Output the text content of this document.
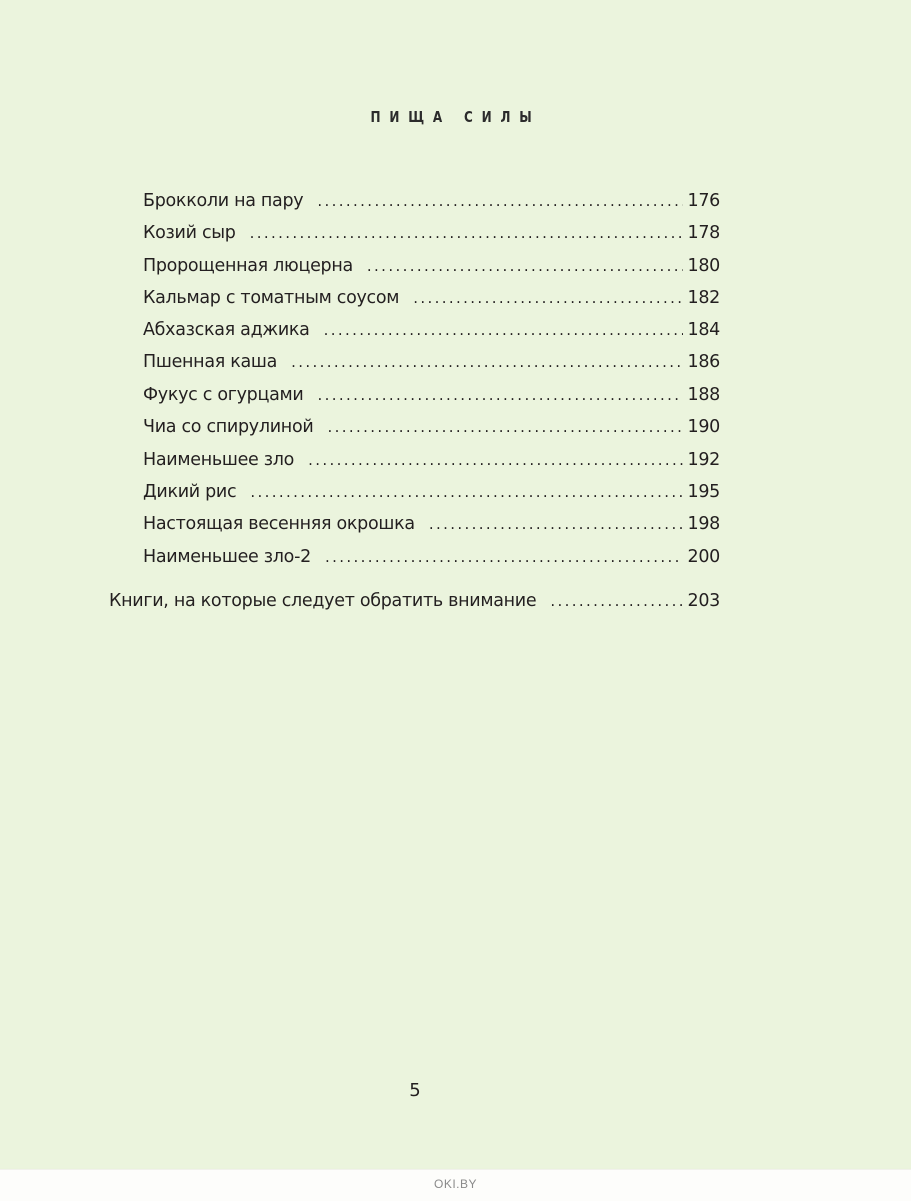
ПИЩА СИЛЫ
Брокколи на пару . . .	176
Козий сыр . . .	178
Пророщенная люцерна . . .	180
Кальмар с томатным соусом . . .	182
Абхазская аджика . . .	184
Пшенная каша . . .	186
Фукус с огурцами . . .	188
Чиа со спирулиной . . .	190
Наименьшее зло . . .	192
Дикий рис . . .	195
Настоящая весенняя окрошка . . .	198
Наименьшее зло-2 . . .	200
Книги, на которые следует обратить внимание . . .	203
5
OKI.BY
